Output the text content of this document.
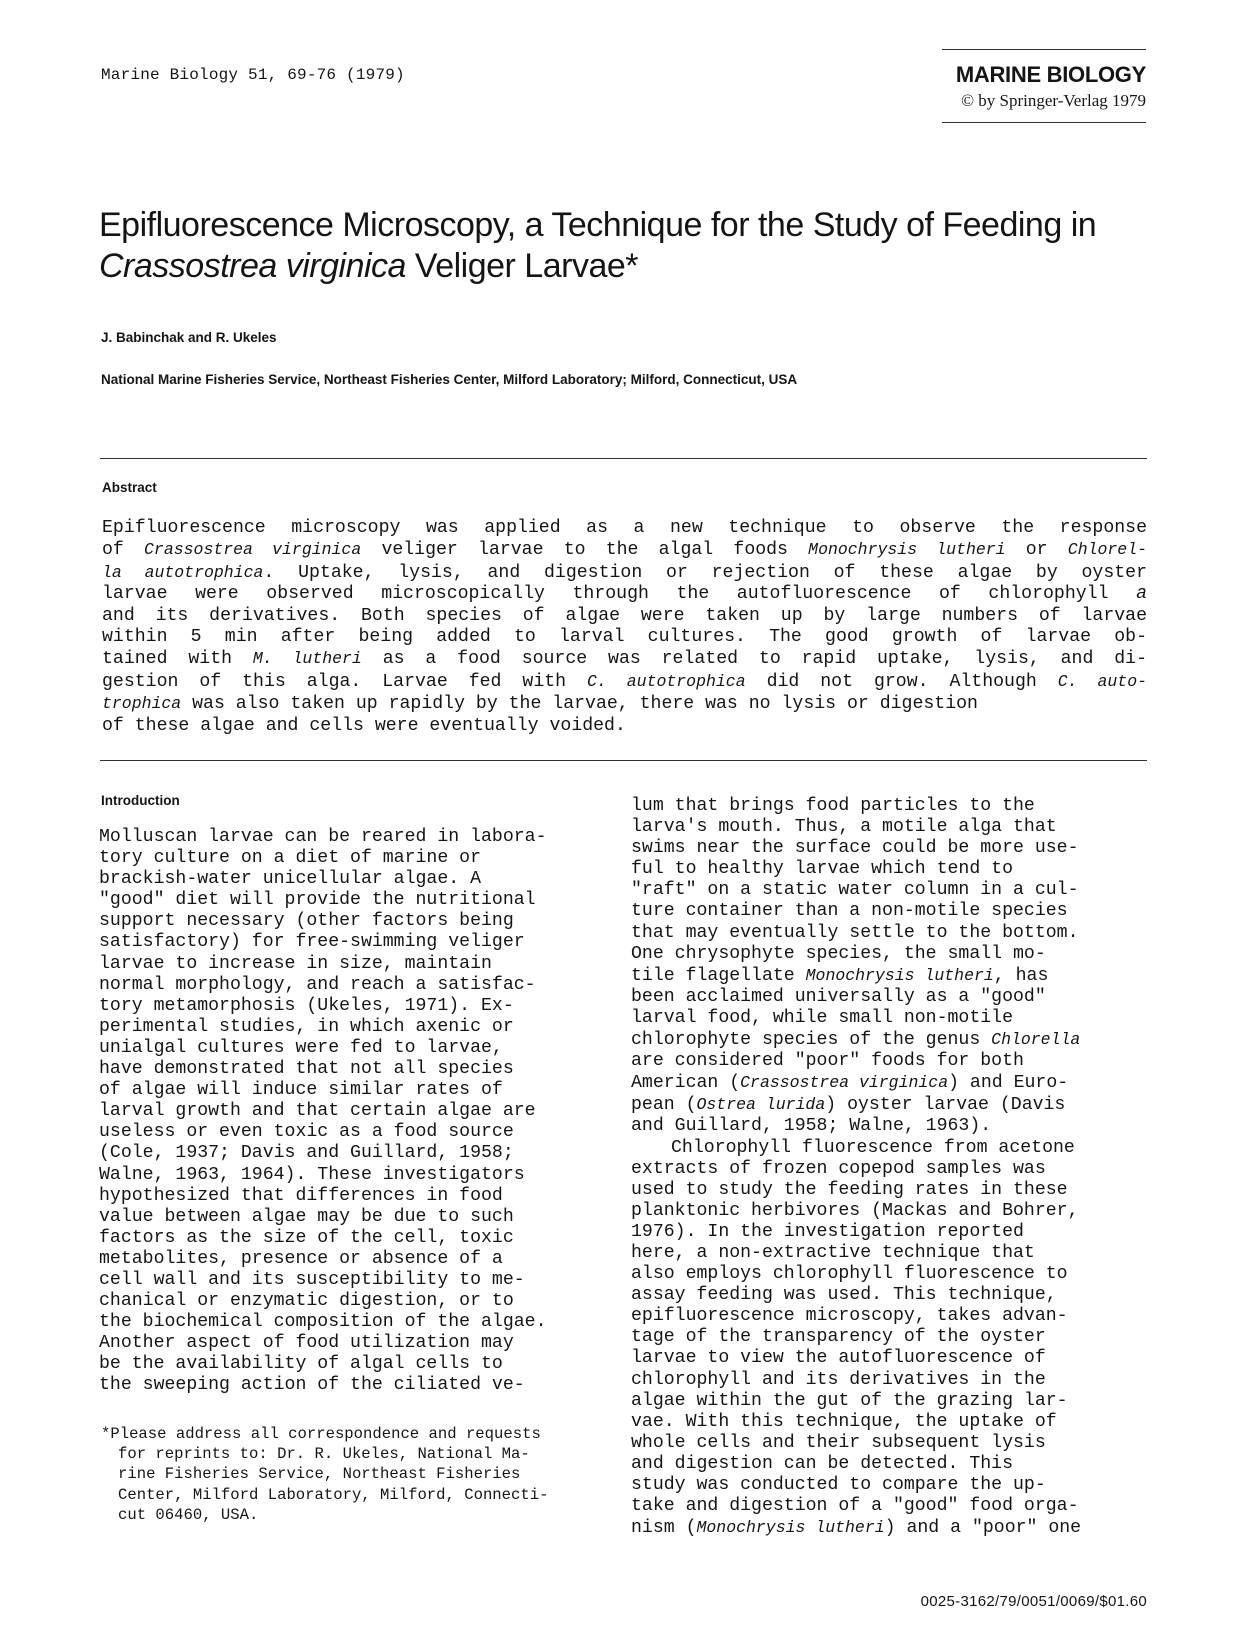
Marine Biology 51, 69-76 (1979)	MARINE BIOLOGY
© by Springer-Verlag 1979
Epifluorescence Microscopy, a Technique for the Study of Feeding in
Crassostrea virginica Veliger Larvae*
J. Babinchak and R. Ukeles
National Marine Fisheries Service, Northeast Fisheries Center, Milford Laboratory; Milford, Connecticut, USA
Abstract
Epifluorescence microscopy was applied as a new technique to observe the response
of Crassostrea virginica veliger larvae to the algal foods Monochrysis lutheri or Chlorel-
la autotrophica. Uptake, lysis, and digestion or rejection of these algae by oyster
larvae were observed microscopically through the autofluorescence of chlorophyll a
and its derivatives. Both species of algae were taken up by large numbers of larvae
within 5 min after being added to larval cultures. The good growth of larvae ob-
tained with M. lutheri as a food source was related to rapid uptake, lysis, and di-
gestion of this alga. Larvae fed with C. autotrophica did not grow. Although C. auto-
trophica was also taken up rapidly by the larvae, there was no lysis or digestion
of these algae and cells were eventually voided.
Introduction
Molluscan larvae can be reared in labora-
tory culture on a diet of marine or
brackish-water unicellular algae. A
"good" diet will provide the nutritional
support necessary (other factors being
satisfactory) for free-swimming veliger
larvae to increase in size, maintain
normal morphology, and reach a satisfac-
tory metamorphosis (Ukeles, 1971). Ex-
perimental studies, in which axenic or
unialgal cultures were fed to larvae,
have demonstrated that not all species
of algae will induce similar rates of
larval growth and that certain algae are
useless or even toxic as a food source
(Cole, 1937; Davis and Guillard, 1958;
Walne, 1963, 1964). These investigators
hypothesized that differences in food
value between algae may be due to such
factors as the size of the cell, toxic
metabolites, presence or absence of a
cell wall and its susceptibility to me-
chanical or enzymatic digestion, or to
the biochemical composition of the algae.
Another aspect of food utilization may
be the availability of algal cells to
the sweeping action of the ciliated ve-
lum that brings food particles to the
larva's mouth. Thus, a motile alga that
swims near the surface could be more use-
ful to healthy larvae which tend to
"raft" on a static water column in a cul-
ture container than a non-motile species
that may eventually settle to the bottom.
One chrysophyte species, the small mo-
tile flagellate Monochrysis lutheri, has
been acclaimed universally as a "good"
larval food, while small non-motile
chlorophyte species of the genus Chlorella
are considered "poor" foods for both
American (Crassostrea virginica) and Euro-
pean (Ostrea lurida) oyster larvae (Davis
and Guillard, 1958; Walne, 1963).
Chlorophyll fluorescence from acetone
extracts of frozen copepod samples was
used to study the feeding rates in these
planktonic herbivores (Mackas and Bohrer,
1976). In the investigation reported
here, a non-extractive technique that
also employs chlorophyll fluorescence to
assay feeding was used. This technique,
epifluorescence microscopy, takes advan-
tage of the transparency of the oyster
larvae to view the autofluorescence of
chlorophyll and its derivatives in the
algae within the gut of the grazing lar-
vae. With this technique, the uptake of
whole cells and their subsequent lysis
and digestion can be detected. This
study was conducted to compare the up-
take and digestion of a "good" food orga-
nism (Monochrysis lutheri) and a "poor" one
*Please address all correspondence and requests
for reprints to: Dr. R. Ukeles, National Ma-
rine Fisheries Service, Northeast Fisheries
Center, Milford Laboratory, Milford, Connecti-
cut 06460, USA.
0025-3162/79/0051/0069/$01.60
